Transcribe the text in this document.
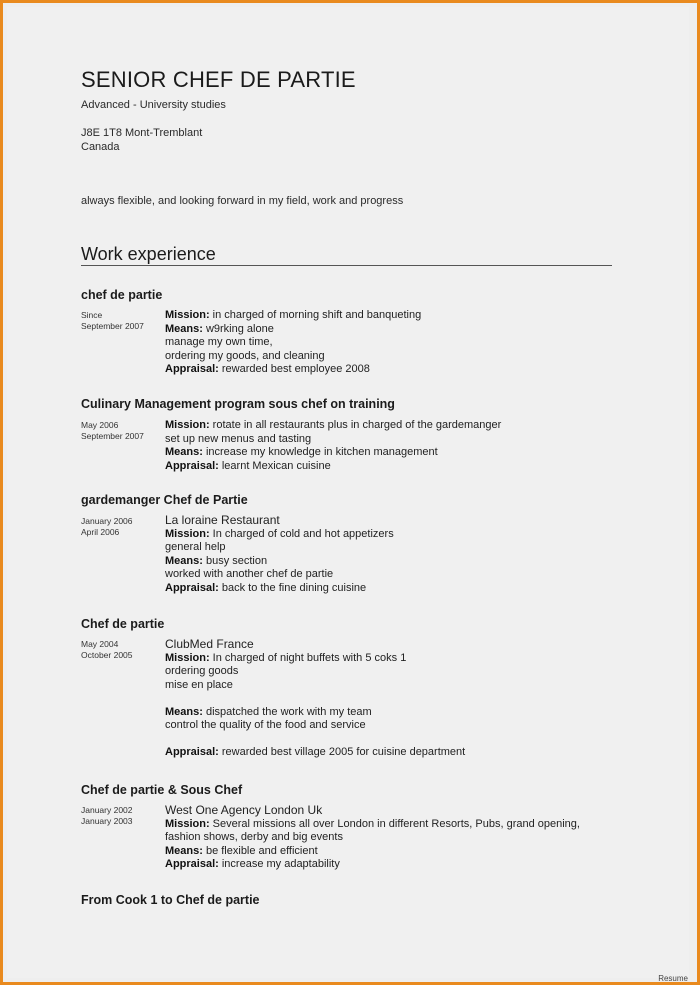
SENIOR CHEF DE PARTIE
Advanced - University studies
J8E 1T8 Mont-Tremblant
Canada
always flexible, and looking forward in my field, work and progress
Work experience
chef de partie
Since
September 2007
Mission: in charged of morning shift and banqueting
Means: w9rking alone
manage my own time,
ordering my goods, and cleaning
Appraisal: rewarded best employee 2008
Culinary Management program sous chef on training
May 2006
September 2007
Mission: rotate in all restaurants plus in charged of the gardemanger
set up new menus and tasting
Means: increase my knowledge in kitchen management
Appraisal: learnt Mexican cuisine
gardemanger Chef de Partie
January 2006
April 2006
La loraine Restaurant
Mission: In charged of cold and hot appetizers
general help
Means: busy section
worked with another chef de partie
Appraisal: back to the fine dining cuisine
Chef de partie
May 2004
October 2005
ClubMed France
Mission: In charged of night buffets with 5 coks 1
ordering goods
mise en place
Means: dispatched the work with my team
control the quality of the food and service
Appraisal: rewarded best village 2005 for cuisine department
Chef de partie & Sous Chef
January 2002
January 2003
West One Agency London Uk
Mission: Several missions all over London in different Resorts, Pubs, grand opening,
fashion shows, derby and big events
Means: be flexible and efficient
Appraisal: increase my adaptability
From Cook 1 to Chef de partie
Resume
